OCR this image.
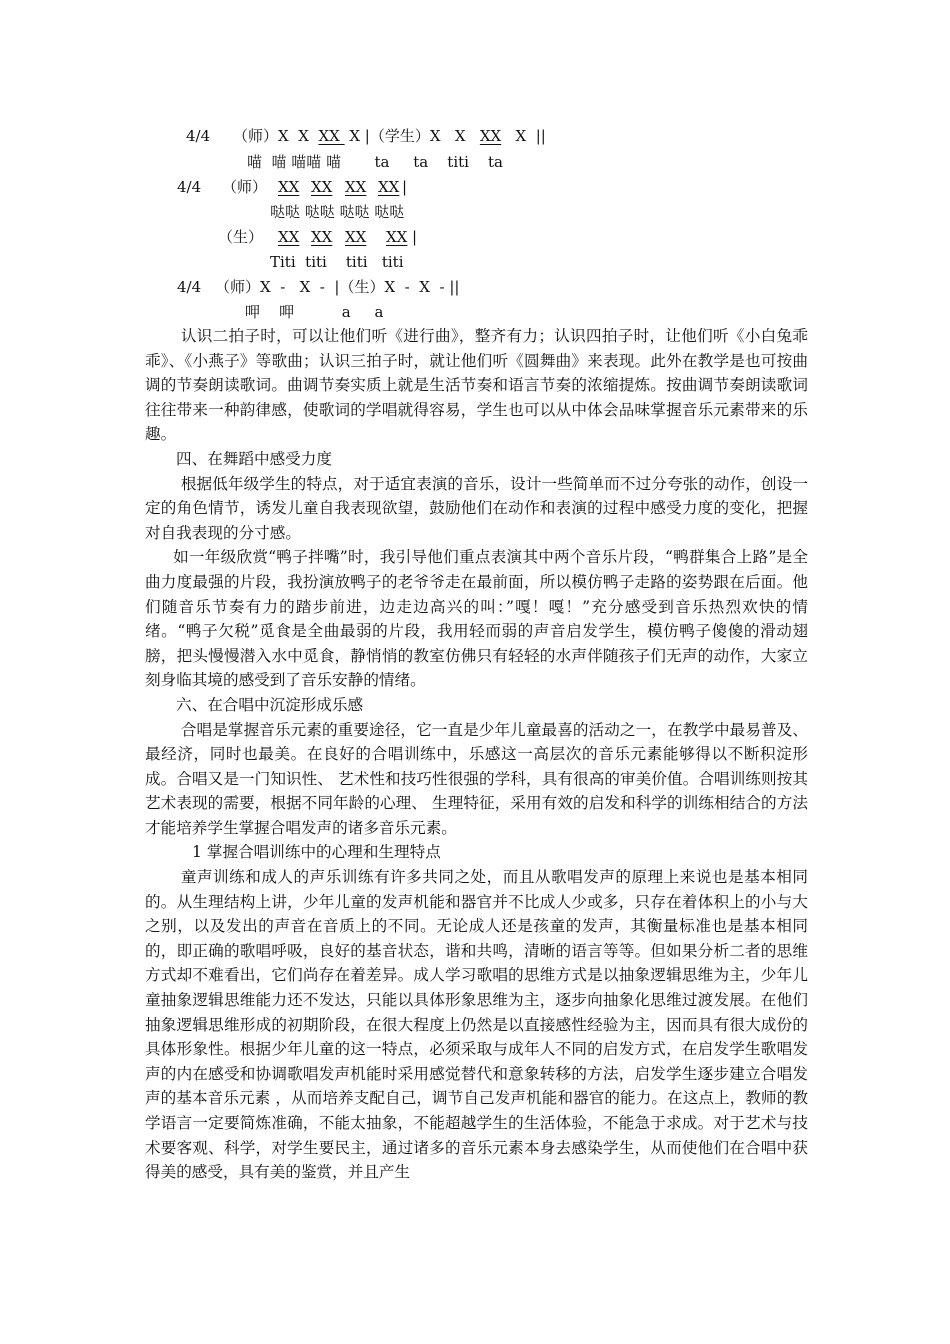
4/4

（师）X  X  XX  X |（学生）X   X   XX   X  ||

喵  喵 喵喵 喵       ta     ta    titi    ta

4/4

（师）

XX

XX

XX

XX

|

哒哒 哒哒 哒哒 哒哒

（生）

XX

XX

XX

XX

|

Titi  titi    titi   titi

4/4

（师）X  -   X  -  |（生）X  -  X  - ||

呷    呷          a     a

认识二拍子时，可以让他们听《进行曲》，整齐有力；认识四拍子时，让他们听《小白兔乖乖》、《小燕子》等歌曲；认识三拍子时，就让他们听《圆舞曲》来表现。此外在教学是也可按曲调的节奏朗读歌词。曲调节奏实质上就是生活节奏和语言节奏的浓缩提炼。按曲调节奏朗读歌词往往带来一种韵律感，使歌词的学唱就得容易，学生也可以从中体会品味掌握音乐元素带来的乐趣。

四、在舞蹈中感受力度

根据低年级学生的特点，对于适宜表演的音乐，设计一些简单而不过分夸张的动作，创设一定的角色情节，诱发儿童自我表现欲望，鼓励他们在动作和表演的过程中感受力度的变化，把握对自我表现的分寸感。

如一年级欣赏“鸭子拌嘴”时，我引导他们重点表演其中两个音乐片段，“鸭群集合上路”是全曲力度最强的片段，我扮演放鸭子的老爷爷走在最前面，所以模仿鸭子走路的姿势跟在后面。他们随音乐节奏有力的踏步前进，边走边高兴的叫：”嘎！嘎！”充分感受到音乐热烈欢快的情绪。“鸭子欠税”觅食是全曲最弱的片段，我用轻而弱的声音启发学生，模仿鸭子傻傻的滑动翅膀，把头慢慢潜入水中觅食，静悄悄的教室仿佛只有轻轻的水声伴随孩子们无声的动作，大家立刻身临其境的感受到了音乐安静的情绪。

六、在合唱中沉淀形成乐感

合唱是掌握音乐元素的重要途径，它一直是少年儿童最喜的活动之一，在教学中最易普及、最经济，同时也最美。在良好的合唱训练中，乐感这一高层次的音乐元素能够得以不断积淀形成。合唱又是一门知识性、 艺术性和技巧性很强的学科，具有很高的审美价值。合唱训练则按其艺术表现的需要，根据不同年龄的心理、 生理特征，采用有效的启发和科学的训练相结合的方法才能培养学生掌握合唱发声的诸多音乐元素。

1 掌握合唱训练中的心理和生理特点

童声训练和成人的声乐训练有许多共同之处，而且从歌唱发声的原理上来说也是基本相同的。从生理结构上讲，少年儿童的发声机能和器官并不比成人少或多，只存在着体积上的小与大之别，以及发出的声音在音质上的不同。无论成人还是孩童的发声，其衡量标准也是基本相同的，即正确的歌唱呼吸，良好的基音状态，谐和共鸣，清晰的语言等等。但如果分析二者的思维方式却不难看出，它们尚存在着差异。成人学习歌唱的思维方式是以抽象逻辑思维为主，少年儿童抽象逻辑思维能力还不发达，只能以具体形象思维为主，逐步向抽象化思维过渡发展。在他们抽象逻辑思维形成的初期阶段，在很大程度上仍然是以直接感性经验为主，因而具有很大成份的具体形象性。根据少年儿童的这一特点，必须采取与成年人不同的启发方式，在启发学生歌唱发声的内在感受和协调歌唱发声机能时采用感觉替代和意象转移的方法，启发学生逐步建立合唱发声的基本音乐元素 ，从而培养支配自己，调节自己发声机能和器官的能力。在这点上，教师的教学语言一定要简炼准确，不能太抽象，不能超越学生的生活体验，不能急于求成。对于艺术与技术要客观、科学，对学生要民主，通过诸多的音乐元素本身去感染学生，从而使他们在合唱中获得美的感受，具有美的鉴赏，并且产生
